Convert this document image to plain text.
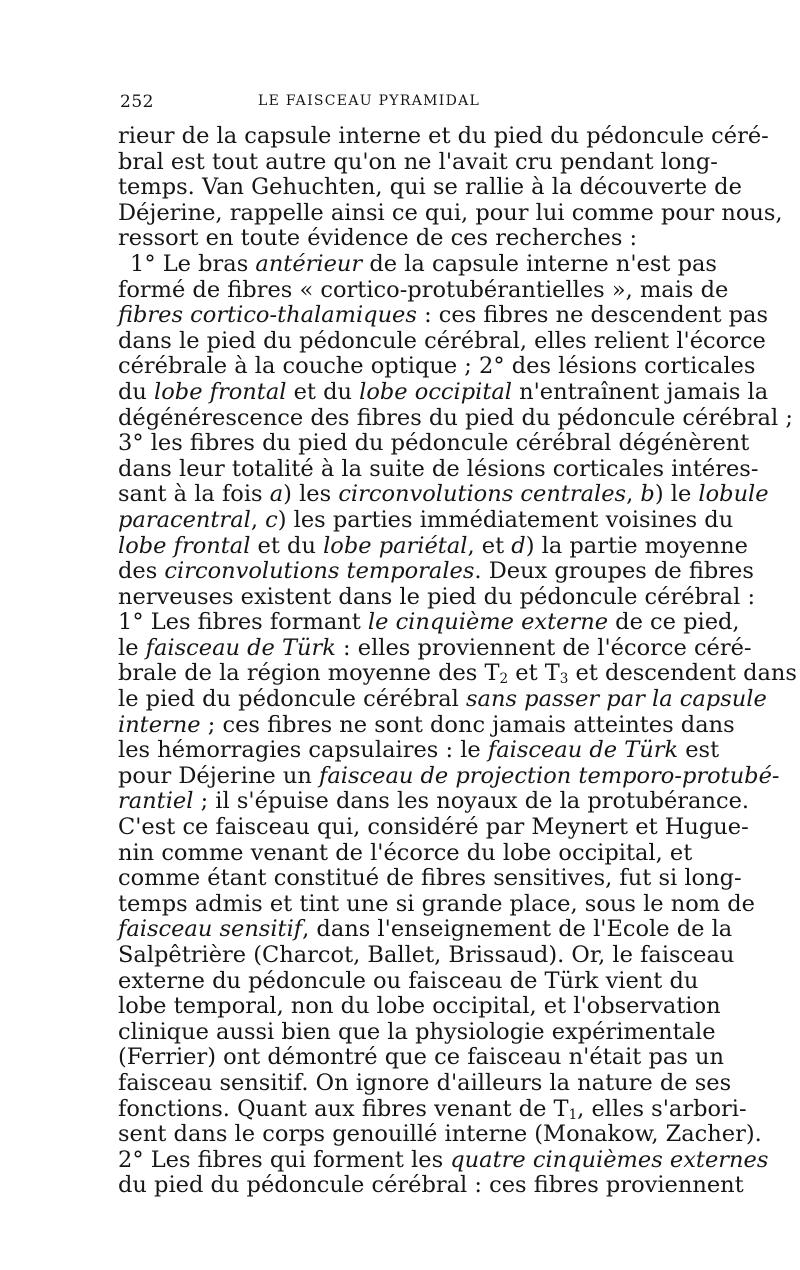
252	LE FAISCEAU PYRAMIDAL
rieur de la capsule interne et du pied du pédoncule céré-
bral est tout autre qu'on ne l'avait cru pendant long-
temps. Van Gehuchten, qui se rallie à la découverte de
Déjerine, rappelle ainsi ce qui, pour lui comme pour nous,
ressort en toute évidence de ces recherches :
1° Le bras antérieur de la capsule interne n'est pas
formé de fibres « cortico-protubérantielles », mais de
fibres cortico-thalamiques : ces fibres ne descendent pas
dans le pied du pédoncule cérébral, elles relient l'écorce
cérébrale à la couche optique ; 2° des lésions corticales
du lobe frontal et du lobe occipital n'entraînent jamais la
dégénérescence des fibres du pied du pédoncule cérébral ;
3° les fibres du pied du pédoncule cérébral dégénèrent
dans leur totalité à la suite de lésions corticales intéres-
sant à la fois a) les circonvolutions centrales, b) le lobule
paracentral, c) les parties immédiatement voisines du
lobe frontal et du lobe pariétal, et d) la partie moyenne
des circonvolutions temporales. Deux groupes de fibres
nerveuses existent dans le pied du pédoncule cérébral :
1° Les fibres formant le cinquième externe de ce pied,
le faisceau de Türk : elles proviennent de l'écorce céré-
brale de la région moyenne des $T_2$ et $T_3$ et descendent dans
le pied du pédoncule cérébral sans passer par la capsule
interne ; ces fibres ne sont donc jamais atteintes dans
les hémorragies capsulaires : le faisceau de Türk est
pour Déjerine un faisceau de projection temporo-protubé-
rantiel ; il s'épuise dans les noyaux de la protubérance.
C'est ce faisceau qui, considéré par Meynert et Hugue-
nin comme venant de l'écorce du lobe occipital, et
comme étant constitué de fibres sensitives, fut si long-
temps admis et tint une si grande place, sous le nom de
faisceau sensitif, dans l'enseignement de l'Ecole de la
Salpêtrière (Charcot, Ballet, Brissaud). Or, le faisceau
externe du pédoncule ou faisceau de Türk vient du
lobe temporal, non du lobe occipital, et l'observation
clinique aussi bien que la physiologie expérimentale
(Ferrier) ont démontré que ce faisceau n'était pas un
faisceau sensitif. On ignore d'ailleurs la nature de ses
fonctions. Quant aux fibres venant de $T_1$, elles s'arbori-
sent dans le corps genouillé interne (Monakow, Zacher).
2° Les fibres qui forment les quatre cinquièmes externes
du pied du pédoncule cérébral : ces fibres proviennent
